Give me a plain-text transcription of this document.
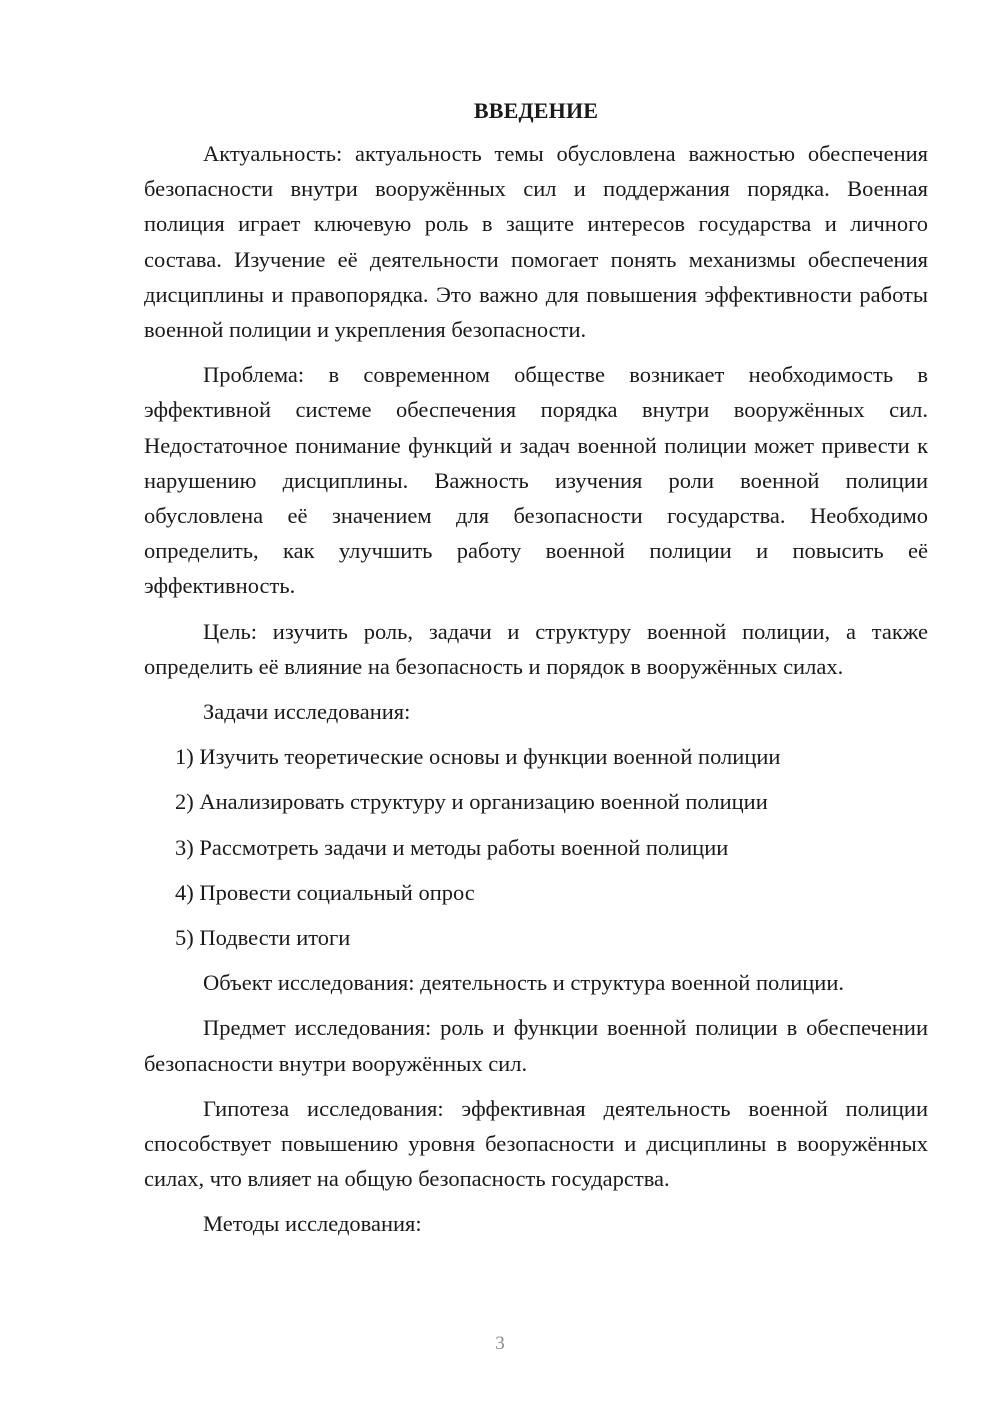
ВВЕДЕНИЕ

Актуальность: актуальность темы обусловлена важностью обеспечения безопасности внутри вооружённых сил и поддержания порядка. Военная полиция играет ключевую роль в защите интересов государства и личного состава. Изучение её деятельности помогает понять механизмы обеспечения дисциплины и правопорядка. Это важно для повышения эффективности работы военной полиции и укрепления безопасности.

Проблема: в современном обществе возникает необходимость в эффективной системе обеспечения порядка внутри вооружённых сил. Недостаточное понимание функций и задач военной полиции может привести к нарушению дисциплины. Важность изучения роли военной полиции обусловлена её значением для безопасности государства. Необходимо определить, как улучшить работу военной полиции и повысить её эффективность.

Цель: изучить роль, задачи и структуру военной полиции, а также определить её влияние на безопасность и порядок в вооружённых силах.

Задачи исследования:

1) Изучить теоретические основы и функции военной полиции
2) Анализировать структуру и организацию военной полиции
3) Рассмотреть задачи и методы работы военной полиции
4) Провести социальный опрос
5) Подвести итоги

Объект исследования: деятельность и структура военной полиции.

Предмет исследования: роль и функции военной полиции в обеспечении безопасности внутри вооружённых сил.

Гипотеза исследования: эффективная деятельность военной полиции способствует повышению уровня безопасности и дисциплины в вооружённых силах, что влияет на общую безопасность государства.

Методы исследования:

3
